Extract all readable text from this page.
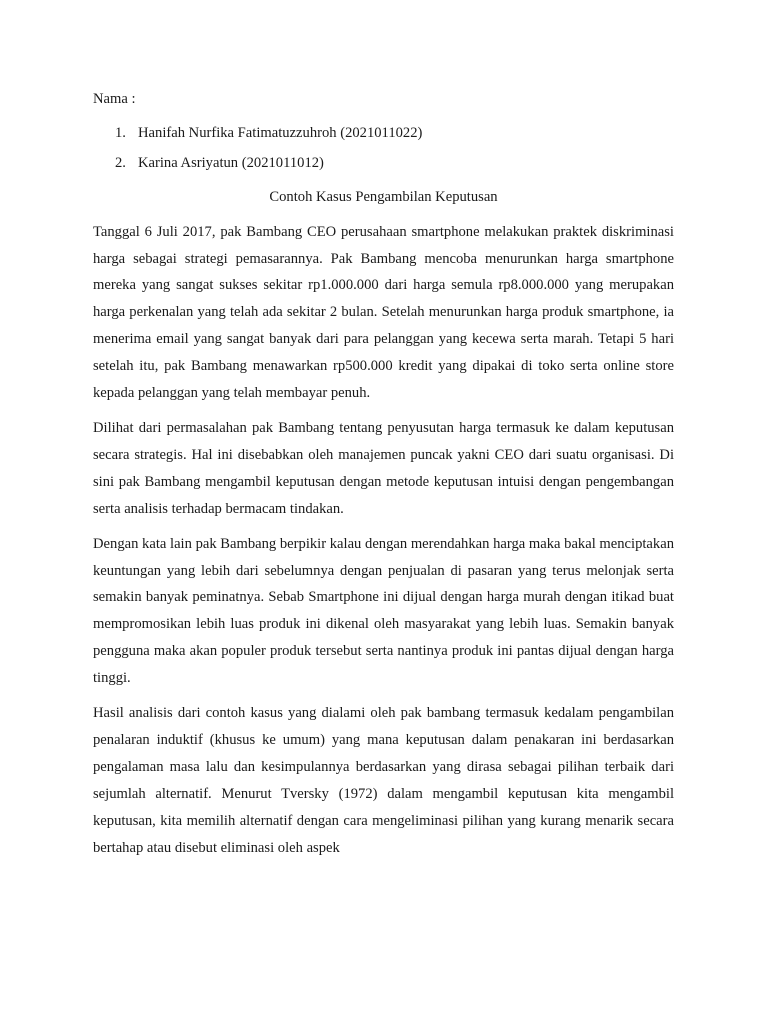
Nama :

1. Hanifah Nurfika Fatimatuzzuhroh (2021011022)
2. Karina Asriyatun (2021011012)

Contoh Kasus Pengambilan Keputusan

Tanggal 6 Juli 2017, pak Bambang CEO perusahaan smartphone melakukan praktek diskriminasi harga sebagai strategi pemasarannya. Pak Bambang mencoba menurunkan harga smartphone mereka yang sangat sukses sekitar rp1.000.000 dari harga semula rp8.000.000 yang merupakan harga perkenalan yang telah ada sekitar 2 bulan. Setelah menurunkan harga produk smartphone, ia menerima email yang sangat banyak dari para pelanggan yang kecewa serta marah. Tetapi 5 hari setelah itu, pak Bambang menawarkan rp500.000 kredit yang dipakai di toko serta online store kepada pelanggan yang telah membayar penuh.

Dilihat dari permasalahan pak Bambang tentang penyusutan harga termasuk ke dalam keputusan secara strategis. Hal ini disebabkan oleh manajemen puncak yakni CEO dari suatu organisasi. Di sini pak Bambang mengambil keputusan dengan metode keputusan intuisi dengan pengembangan serta analisis terhadap bermacam tindakan.

Dengan kata lain pak Bambang berpikir kalau dengan merendahkan harga maka bakal menciptakan keuntungan yang lebih dari sebelumnya dengan penjualan di pasaran yang terus melonjak serta semakin banyak peminatnya. Sebab Smartphone ini dijual dengan harga murah dengan itikad buat mempromosikan lebih luas produk ini dikenal oleh masyarakat yang lebih luas. Semakin banyak pengguna maka akan populer produk tersebut serta nantinya produk ini pantas dijual dengan harga tinggi.

Hasil analisis dari contoh kasus yang dialami oleh pak bambang termasuk kedalam pengambilan penalaran induktif (khusus ke umum) yang mana keputusan dalam penakaran ini berdasarkan pengalaman masa lalu dan kesimpulannya berdasarkan yang dirasa sebagai pilihan terbaik dari sejumlah alternatif. Menurut Tversky (1972) dalam mengambil keputusan kita mengambil keputusan, kita memilih alternatif dengan cara mengeliminasi pilihan yang kurang menarik secara bertahap atau disebut eliminasi oleh aspek
